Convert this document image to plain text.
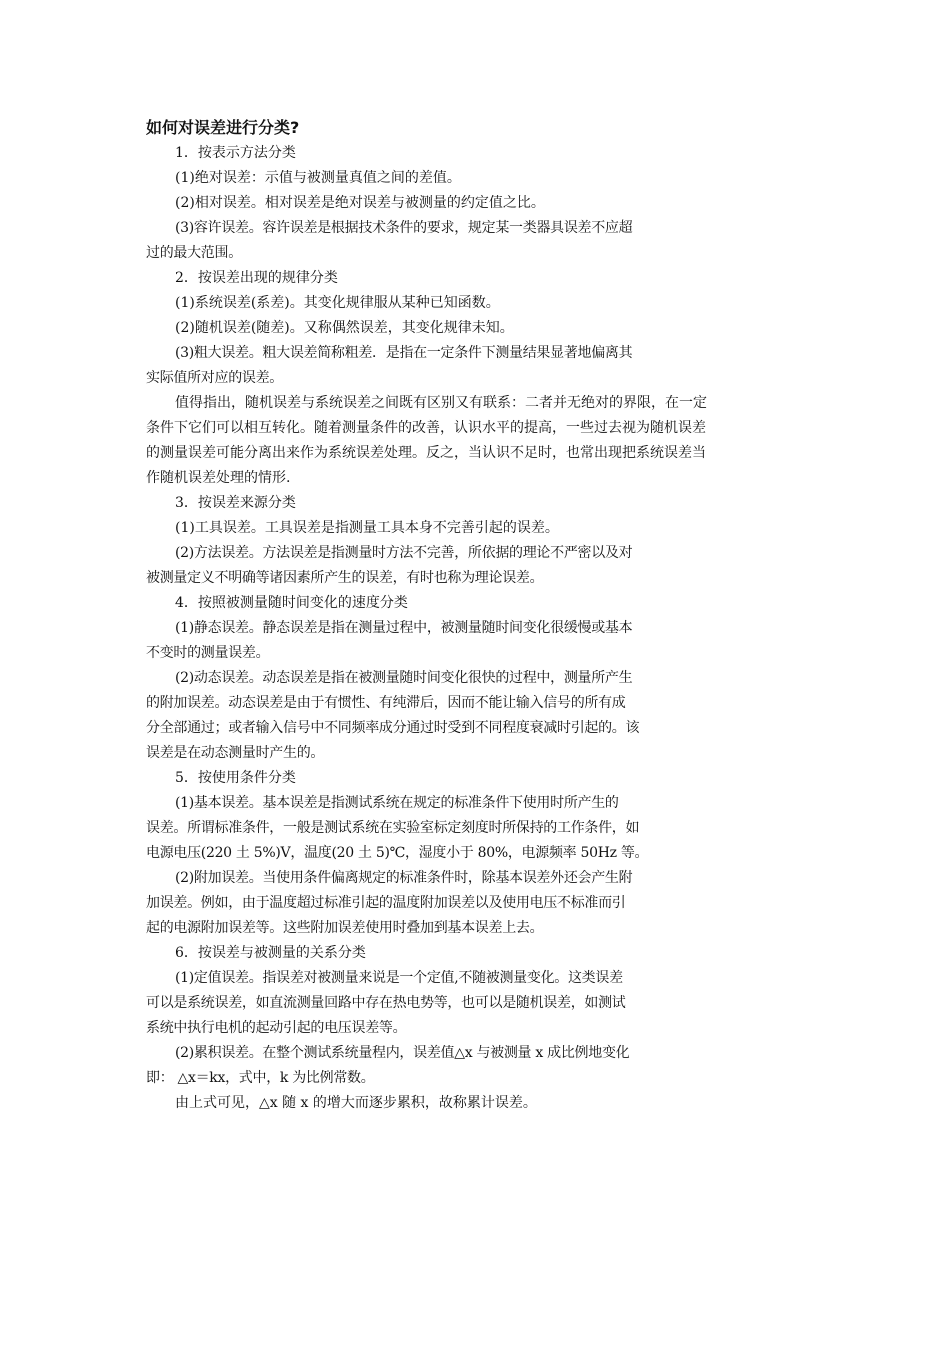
如何对误差进行分类?
1．按表示方法分类
(1)绝对误差：示值与被测量真值之间的差值。
(2)相对误差。相对误差是绝对误差与被测量的约定值之比。
(3)容许误差。容许误差是根据技术条件的要求，规定某一类器具误差不应超
过的最大范围。
2．按误差出现的规律分类
(1)系统误差(系差)。其变化规律服从某种已知函数。
(2)随机误差(随差)。又称偶然误差，其变化规律未知。
(3)粗大误差。粗大误差简称粗差．是指在一定条件下测量结果显著地偏离其
实际值所对应的误差。
值得指出，随机误差与系统误差之间既有区别又有联系：二者并无绝对的界限，在一定
条件下它们可以相互转化。随着测量条件的改善，认识水平的提高，一些过去视为随机误差
的测量误差可能分离出来作为系统误差处理。反之，当认识不足时，也常出现把系统误差当
作随机误差处理的情形.
3．按误差来源分类
(1)工具误差。工具误差是指测量工具本身不完善引起的误差。
(2)方法误差。方法误差是指测量时方法不完善，所依据的理论不严密以及对
被测量定义不明确等诸因素所产生的误差，有时也称为理论误差。
4．按照被测量随时间变化的速度分类
(1)静态误差。静态误差是指在测量过程中，被测量随时间变化很缓慢或基本
不变时的测量误差。
(2)动态误差。动态误差是指在被测量随时间变化很快的过程中，测量所产生
的附加误差。动态误差是由于有惯性、有纯滞后，因而不能让输入信号的所有成
分全部通过；或者输入信号中不同频率成分通过时受到不同程度衰减时引起的。该
误差是在动态测量时产生的。
5．按使用条件分类
(1)基本误差。基本误差是指测试系统在规定的标准条件下使用时所产生的
误差。所谓标准条件，一般是测试系统在实验室标定刻度时所保持的工作条件，如
电源电压(220 土 5%)V，温度(20 土 5)℃，湿度小于 80%，电源频率 50Hz 等。
(2)附加误差。当使用条件偏离规定的标准条件时，除基本误差外还会产生附
加误差。例如，由于温度超过标准引起的温度附加误差以及使用电压不标准而引
起的电源附加误差等。这些附加误差使用时叠加到基本误差上去。
6．按误差与被测量的关系分类
(1)定值误差。指误差对被测量来说是一个定值,不随被测量变化。这类误差
可以是系统误差，如直流测量回路中存在热电势等，也可以是随机误差，如测试
系统中执行电机的起动引起的电压误差等。
(2)累积误差。在整个测试系统量程内，误差值△x 与被测量 x 成比例地变化
即： △x＝kx，式中，k 为比例常数。
由上式可见，△x 随 x 的增大而逐步累积，故称累计误差。
